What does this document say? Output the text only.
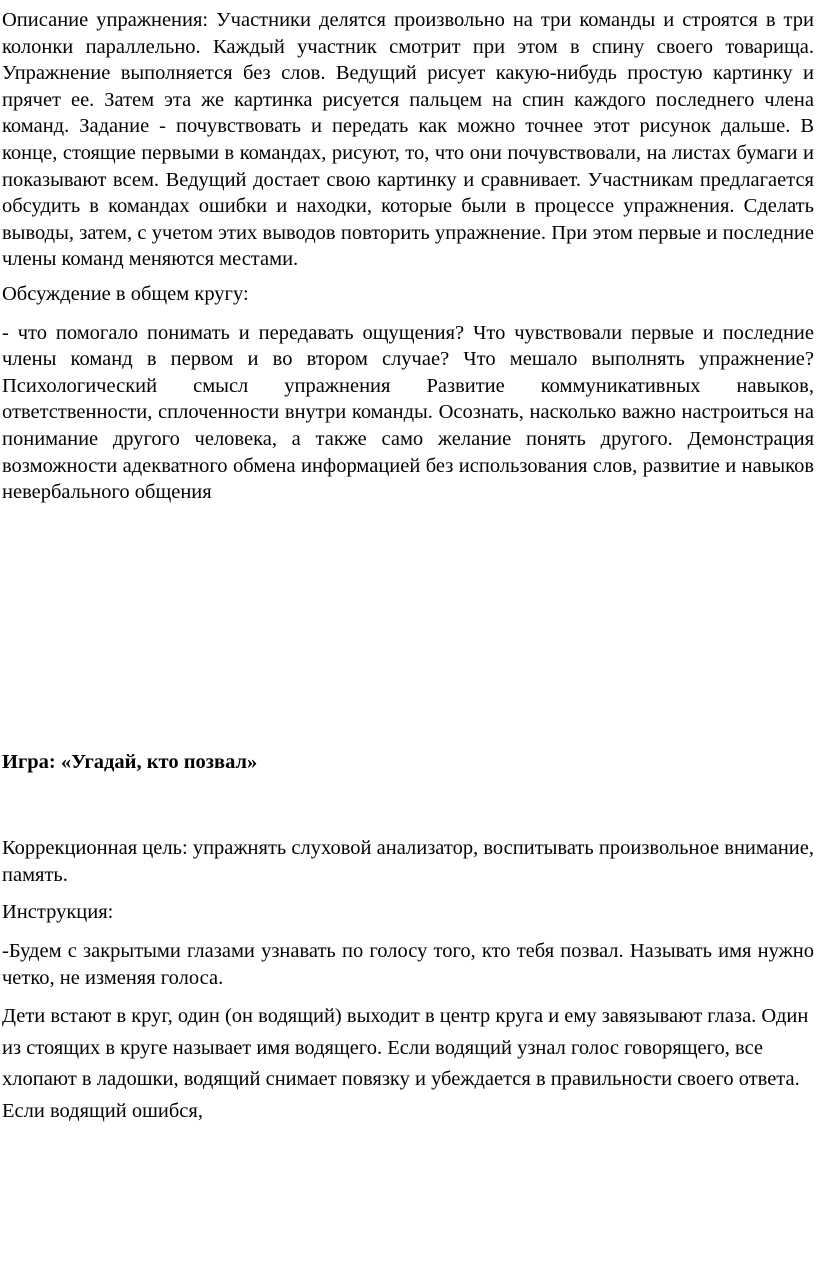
Описание упражнения: Участники делятся произвольно на три команды и строятся в три колонки параллельно. Каждый участник смотрит при этом в спину своего товарища. Упражнение выполняется без слов. Ведущий рисует какую-нибудь простую картинку и прячет ее. Затем эта же картинка рисуется пальцем на спин каждого последнего члена команд. Задание - почувствовать и передать как можно точнее этот рисунок дальше. В конце, стоящие первыми в командах, рисуют, то, что они почувствовали, на листах бумаги и показывают всем. Ведущий достает свою картинку и сравнивает. Участникам предлагается обсудить в командах ошибки и находки, которые были в процессе упражнения. Сделать выводы, затем, с учетом этих выводов повторить упражнение. При этом первые и последние члены команд меняются местами.

Обсуждение в общем кругу:

- что помогало понимать и передавать ощущения? Что чувствовали первые и последние члены команд в первом и во втором случае? Что мешало выполнять упражнение? Психологический смысл упражнения Развитие коммуникативных навыков, ответственности, сплоченности внутри команды. Осознать, насколько важно настроиться на понимание другого человека, а также само желание понять другого. Демонстрация возможности адекватного обмена информацией без использования слов, развитие и навыков невербального общения

Игра: «Угадай, кто позвал»

Коррекционная цель: упражнять слуховой анализатор, воспитывать произвольное внимание, память.

Инструкция:

-Будем с закрытыми глазами узнавать по голосу того, кто тебя позвал. Называть имя нужно четко, не изменяя голоса.

Дети встают в круг, один (он водящий) выходит в центр круга и ему завязывают глаза. Один из стоящих в круге называет имя водящего. Если водящий узнал голос говорящего, все хлопают в ладошки, водящий снимает повязку и убеждается в правильности своего ответа. Если водящий ошибся,
